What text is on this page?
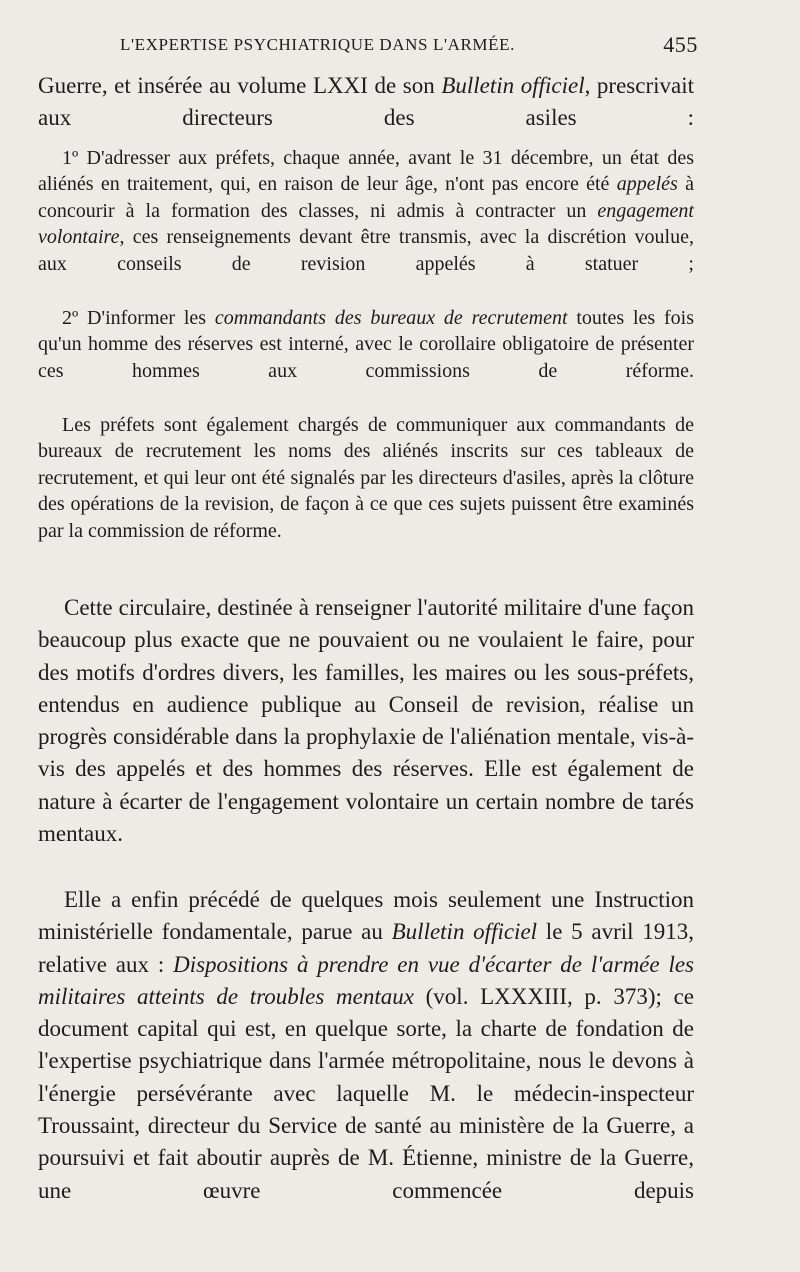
L'EXPERTISE PSYCHIATRIQUE DANS L'ARMÉE.	455

Guerre, et insérée au volume LXXI de son Bulletin officiel, prescrivait aux directeurs des asiles :

1º D'adresser aux préfets, chaque année, avant le 31 décembre, un état des aliénés en traitement, qui, en raison de leur âge, n'ont pas encore été appelés à concourir à la formation des classes, ni admis à contracter un engagement volontaire, ces renseignements devant être transmis, avec la discrétion voulue, aux conseils de revision appelés à statuer ;

2º D'informer les commandants des bureaux de recrutement toutes les fois qu'un homme des réserves est interné, avec le corollaire obligatoire de présenter ces hommes aux commissions de réforme.

Les préfets sont également chargés de communiquer aux commandants de bureaux de recrutement les noms des aliénés inscrits sur ces tableaux de recrutement, et qui leur ont été signalés par les directeurs d'asiles, après la clôture des opérations de la revision, de façon à ce que ces sujets puissent être examinés par la commission de réforme.

Cette circulaire, destinée à renseigner l'autorité militaire d'une façon beaucoup plus exacte que ne pouvaient ou ne voulaient le faire, pour des motifs d'ordres divers, les familles, les maires ou les sous-préfets, entendus en audience publique au Conseil de revision, réalise un progrès considérable dans la prophylaxie de l'aliénation mentale, vis-à-vis des appelés et des hommes des réserves. Elle est également de nature à écarter de l'engagement volontaire un certain nombre de tarés mentaux.

Elle a enfin précédé de quelques mois seulement une Instruction ministérielle fondamentale, parue au Bulletin officiel le 5 avril 1913, relative aux : Dispositions à prendre en vue d'écarter de l'armée les militaires atteints de troubles mentaux (vol. LXXXIII, p. 373); ce document capital qui est, en quelque sorte, la charte de fondation de l'expertise psychiatrique dans l'armée métropolitaine, nous le devons à l'énergie persévérante avec laquelle M. le médecin-inspecteur Troussaint, directeur du Service de santé au ministère de la Guerre, a poursuivi et fait aboutir auprès de M. Étienne, ministre de la Guerre, une œuvre commencée depuis
